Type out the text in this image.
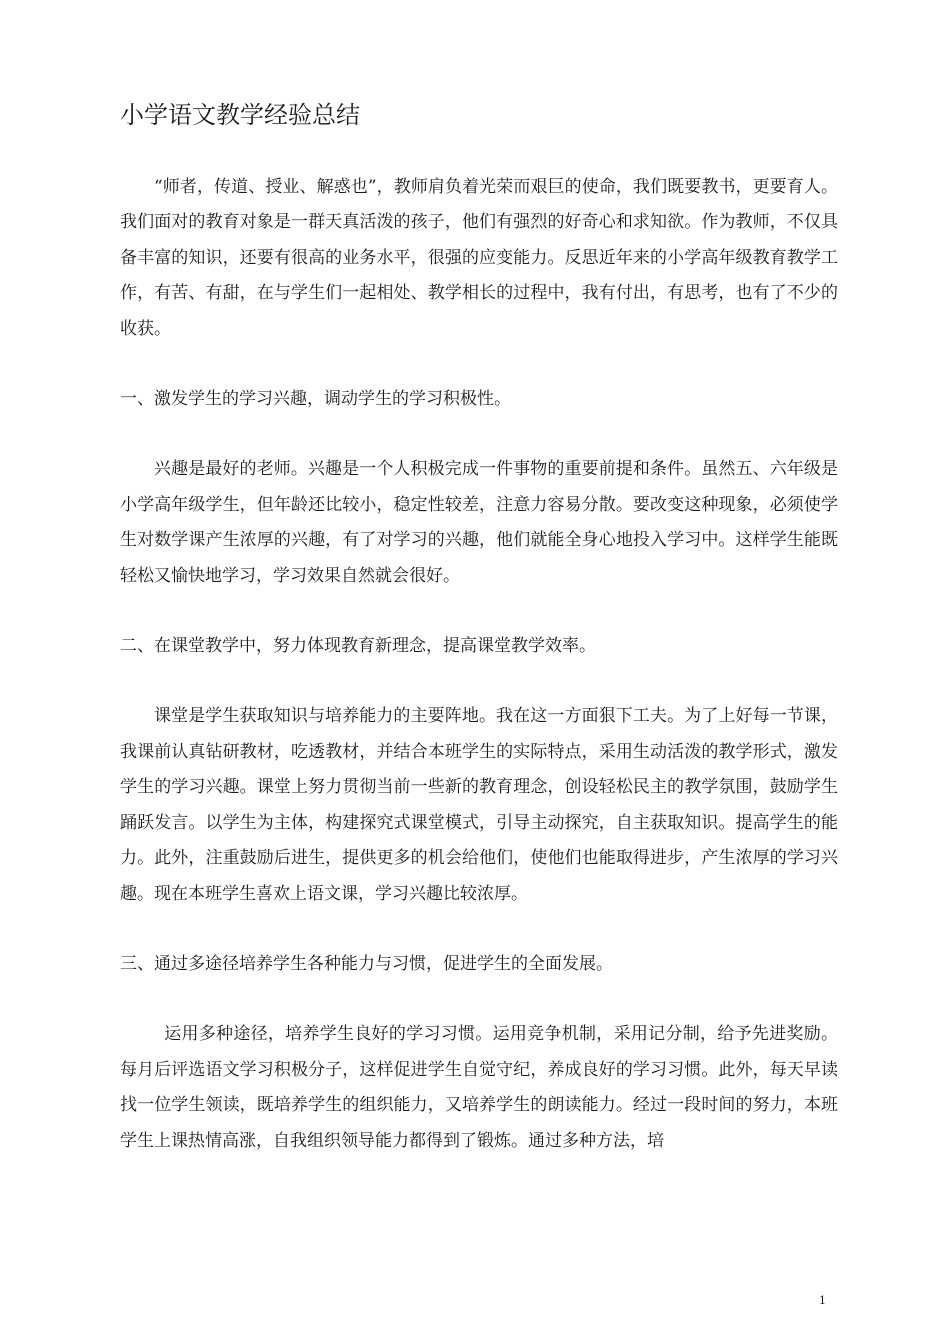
小学语文教学经验总结

“师者，传道、授业、解惑也”，教师肩负着光荣而艰巨的使命，我们既要教书，更要育人。我们面对的教育对象是一群天真活泼的孩子，他们有强烈的好奇心和求知欲。作为教师，不仅具备丰富的知识，还要有很高的业务水平，很强的应变能力。反思近年来的小学高年级教育教学工作，有苦、有甜，在与学生们一起相处、教学相长的过程中，我有付出，有思考，也有了不少的收获。

一、激发学生的学习兴趣，调动学生的学习积极性。

兴趣是最好的老师。兴趣是一个人积极完成一件事物的重要前提和条件。虽然五、六年级是小学高年级学生，但年龄还比较小，稳定性较差，注意力容易分散。要改变这种现象，必须使学生对数学课产生浓厚的兴趣，有了对学习的兴趣，他们就能全身心地投入学习中。这样学生能既轻松又愉快地学习，学习效果自然就会很好。

二、在课堂教学中，努力体现教育新理念，提高课堂教学效率。

课堂是学生获取知识与培养能力的主要阵地。我在这一方面狠下工夫。为了上好每一节课，我课前认真钻研教材，吃透教材，并结合本班学生的实际特点，采用生动活泼的教学形式，激发学生的学习兴趣。课堂上努力贯彻当前一些新的教育理念，创设轻松民主的教学氛围，鼓励学生踊跃发言。以学生为主体，构建探究式课堂模式，引导主动探究，自主获取知识。提高学生的能力。此外，注重鼓励后进生，提供更多的机会给他们，使他们也能取得进步，产生浓厚的学习兴趣。现在本班学生喜欢上语文课，学习兴趣比较浓厚。

三、通过多途径培养学生各种能力与习惯，促进学生的全面发展。

运用多种途径，培养学生良好的学习习惯。运用竞争机制，采用记分制，给予先进奖励。每月后评选语文学习积极分子，这样促进学生自觉守纪，养成良好的学习习惯。此外，每天早读找一位学生领读，既培养学生的组织能力，又培养学生的朗读能力。经过一段时间的努力，本班学生上课热情高涨，自我组织领导能力都得到了锻炼。通过多种方法，培

1
